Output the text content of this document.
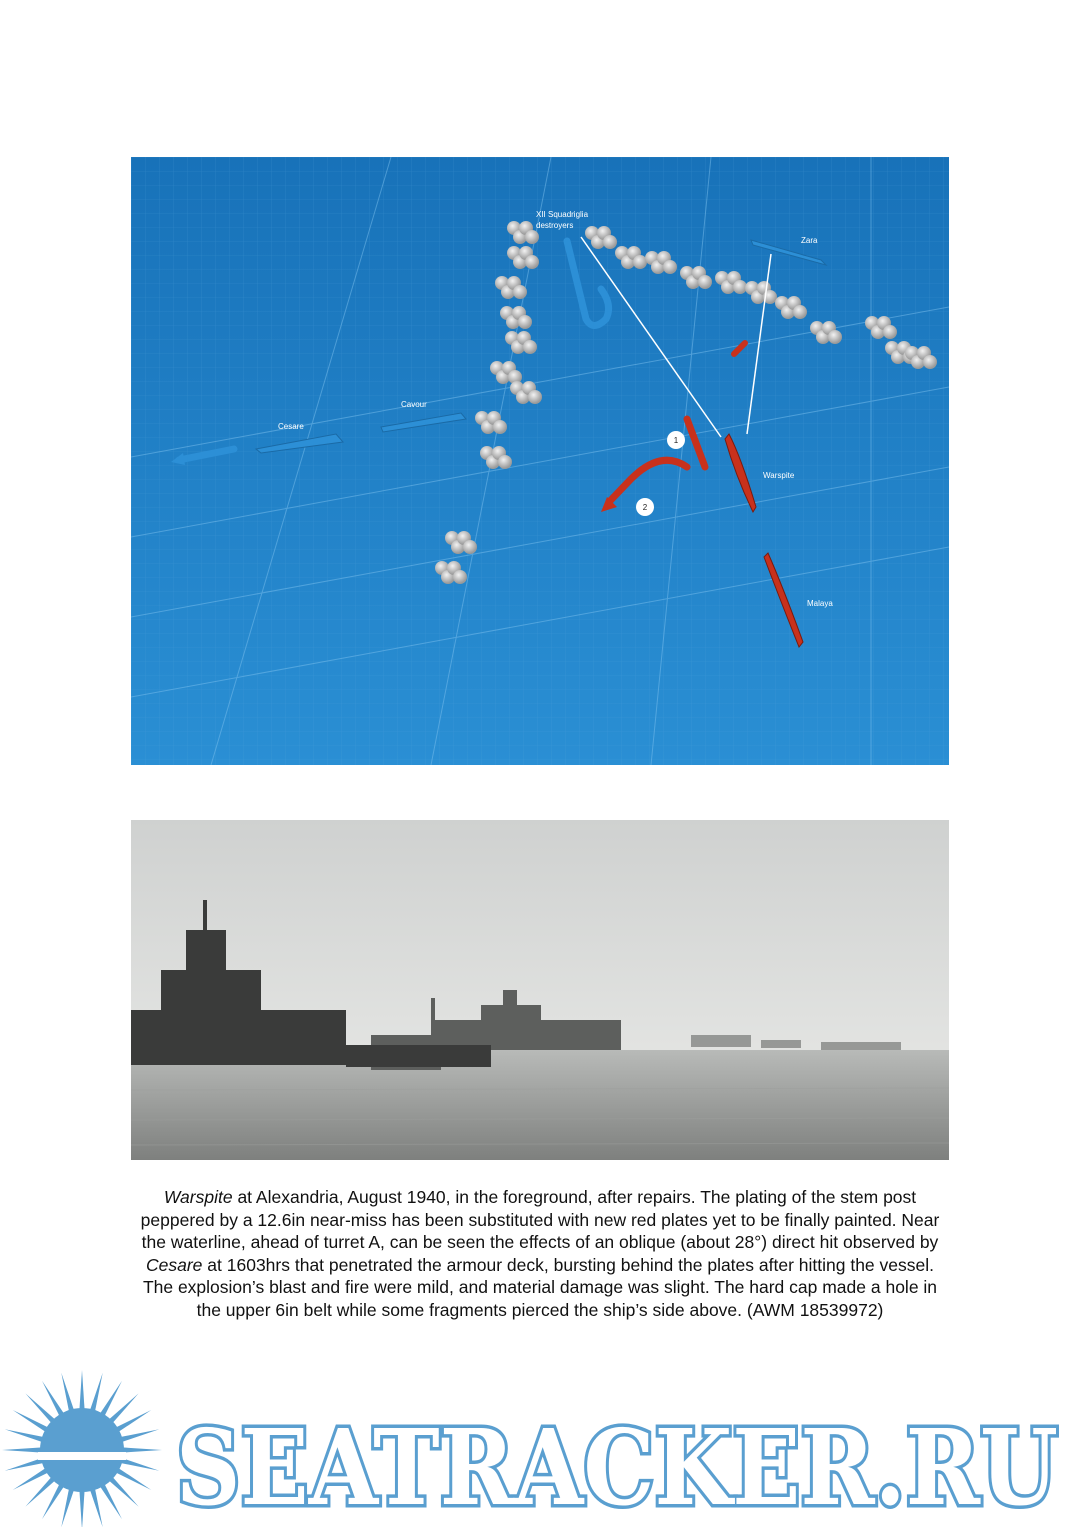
Cesare
Cavour
Zara
XII Squadriglia
destroyers
Warspite
Malaya
1
2
Warspite at Alexandria, August 1940, in the foreground, after repairs. The plating of the stem post peppered by a 12.6in near-miss has been substituted with new red plates yet to be finally painted. Near the waterline, ahead of turret A, can be seen the effects of an oblique (about 28°) direct hit observed by Cesare at 1603hrs that penetrated the armour deck, bursting behind the plates after hitting the vessel. The explosion’s blast and fire were mild, and material damage was slight. The hard cap made a hole in the upper 6in belt while some fragments pierced the ship’s side above. (AWM 18539972)
SEATRACKER.RU
